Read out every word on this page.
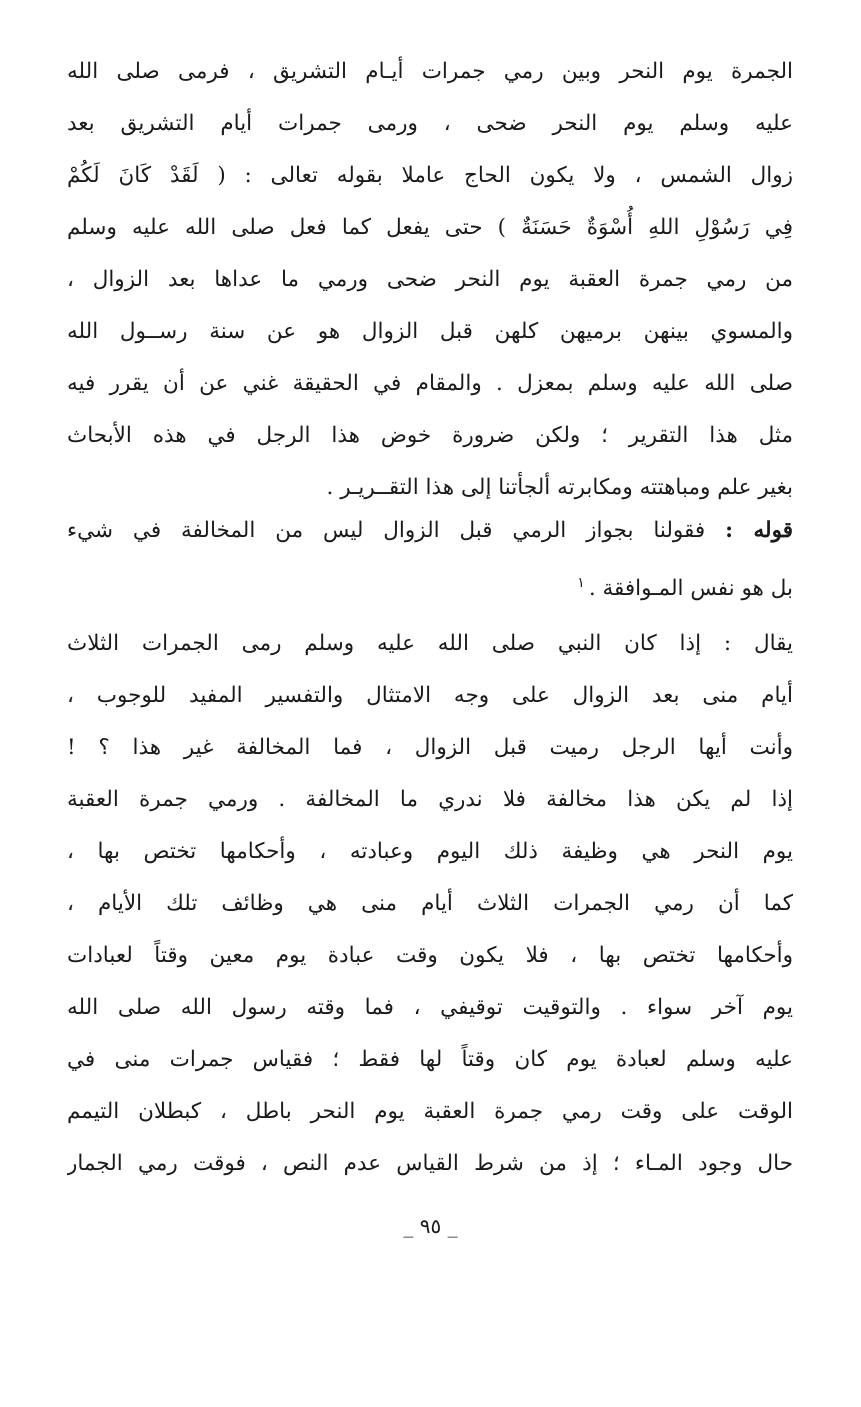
الجمرة يوم النحر وبين رمي جمرات أيـام التشريق ، فرمى صلى الله
عليه وسلم يوم النحر ضحى ، ورمى جمرات أيام التشريق بعد
زوال الشمس ، ولا يكون الحاج عاملا بقوله تعالى : ( لَقَدْ كَانَ لَكُمْ
فِي رَسُوْلِ اللهِ أُسْوَةٌ حَسَنَةٌ ) حتى يفعل كما فعل صلى الله عليه وسلم
من رمي جمرة العقبة يوم النحر ضحى ورمي ما عداها بعد الزوال ،
والمسوي بينهن برميهن كلهن قبل الزوال هو عن سنة رســول الله
صلى الله عليه وسلم بمعزل . والمقام في الحقيقة غني عن أن يقرر فيه
مثل هذا التقرير ؛ ولكن ضرورة خوض هذا الرجل في هذه الأبحاث
بغير علم ومباهتته ومكابرته ألجأتنا إلى هذا التقــريـر .
قوله : فقولنا بجواز الرمي قبل الزوال ليس من المخالفة في شيء
بل هو نفس المـوافقة .$^١$
يقال : إذا كان النبي صلى الله عليه وسلم رمى الجمرات الثلاث
أيام منى بعد الزوال على وجه الامتثال والتفسير المفيد للوجوب ،
وأنت أيها الرجل رميت قبل الزوال ، فما المخالفة غير هذا ؟ !
إذا لم يكن هذا مخالفة فلا ندري ما المخالفة . ورمي جمرة العقبة
يوم النحر هي وظيفة ذلك اليوم وعبادته ، وأحكامها تختص بها ،
كما أن رمي الجمرات الثلاث أيام منى هي وظائف تلك الأيام ،
وأحكامها تختص بها ، فلا يكون وقت عبادة يوم معين وقتاً لعبادات
يوم آخر سواء . والتوقيت توقيفي ، فما وقته رسول الله صلى الله
عليه وسلم لعبادة يوم كان وقتاً لها فقط ؛ فقياس جمرات منى في
الوقت على وقت رمي جمرة العقبة يوم النحر باطل ، كبطلان التيمم
حال وجود المـاء ؛ إذ من شرط القياس عدم النص ، فوقت رمي الجمار
_ ٩٥ _
